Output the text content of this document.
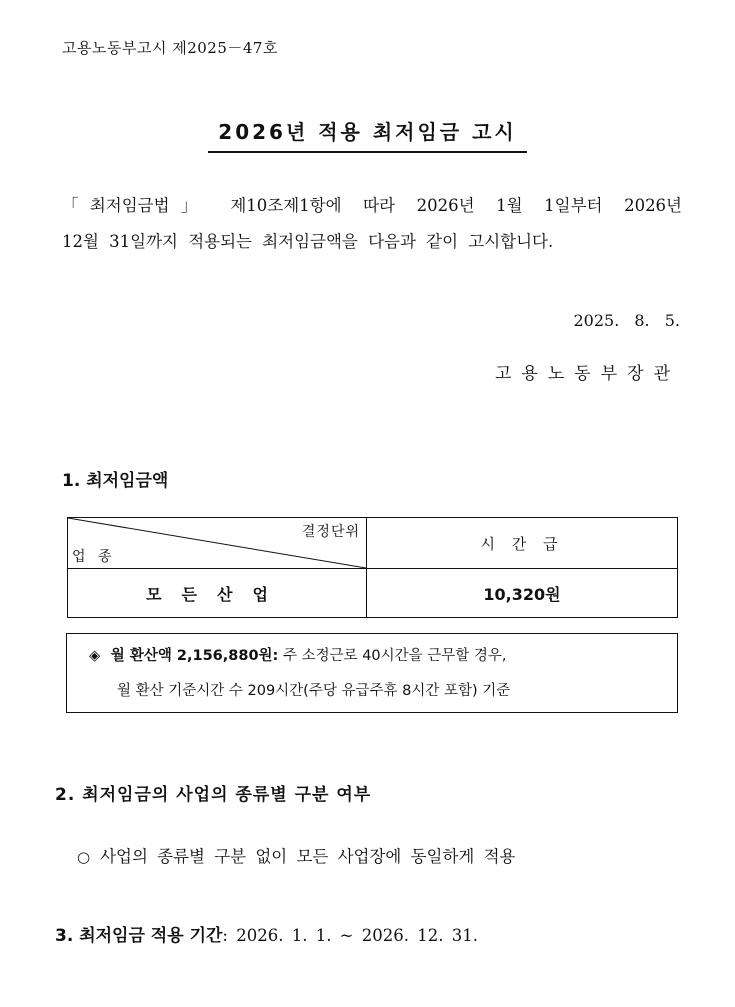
고용노동부고시 제2025－47호
2026년 적용 최저임금 고시
「최저임금법」 제10조제1항에 따라 2026년 1월 1일부터 2026년
12월 31일까지 적용되는 최저임금액을 다음과 같이 고시합니다.
2025. 8. 5.
고용노동부장관
1. 최저임금액
결정단위
업 종	시 간 급
모든산업	10,320원
◈ 월 환산액 2,156,880원: 주 소정근로 40시간을 근무할 경우,
월 환산 기준시간 수 209시간(주당 유급주휴 8시간 포함) 기준
2. 최저임금의 사업의 종류별 구분 여부
○ 사업의 종류별 구분 없이 모든 사업장에 동일하게 적용
3. 최저임금 적용 기간: 2026. 1. 1. ~ 2026. 12. 31.
